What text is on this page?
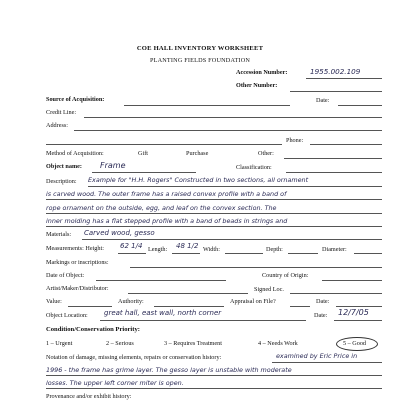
COE HALL INVENTORY WORKSHEET
PLANTING FIELDS FOUNDATION
Accession Number:	1955.002.109
Other Number:
Source of Acquisition:	Date:
Credit Line:
Address:
Phone:
Method of Acquisition:	Gift	Purchase	Other:
Object name: Frame	Classification:
Description: Example for "H.H. Rogers" Constructed in two sections, all ornament
is carved wood. The outer frame has a raised convex profile with a band of
rope ornament on the outside, egg, and leaf on the convex section. The
inner molding has a flat stepped profile with a band of beads in strings and
Materials: Carved wood, gesso
Measurements: Height: 62 1/4 Length: 48 1/2 Width:	Depth:	Diameter:
Markings or inscriptions:
Date of Object:	Country of Origin:
Artist/Maker/Distributor:	Signed Loc.
Value:	Authority:	Appraisal on File?	Date:
Object Location: great hall, east wall, north corner	Date: 12/7/05
Condition/Conservation Priority:
1 – Urgent	2 – Serious	3 – Requires Treatment	4 – Needs Work	5 – Good
Notation of damage, missing elements, repairs or conservation history:	examined by Eric Price in
1996 - the frame has grime layer. The gesso layer is unstable with moderate
losses. The upper left corner miter is open.
Provenance and/or exhibit history:
